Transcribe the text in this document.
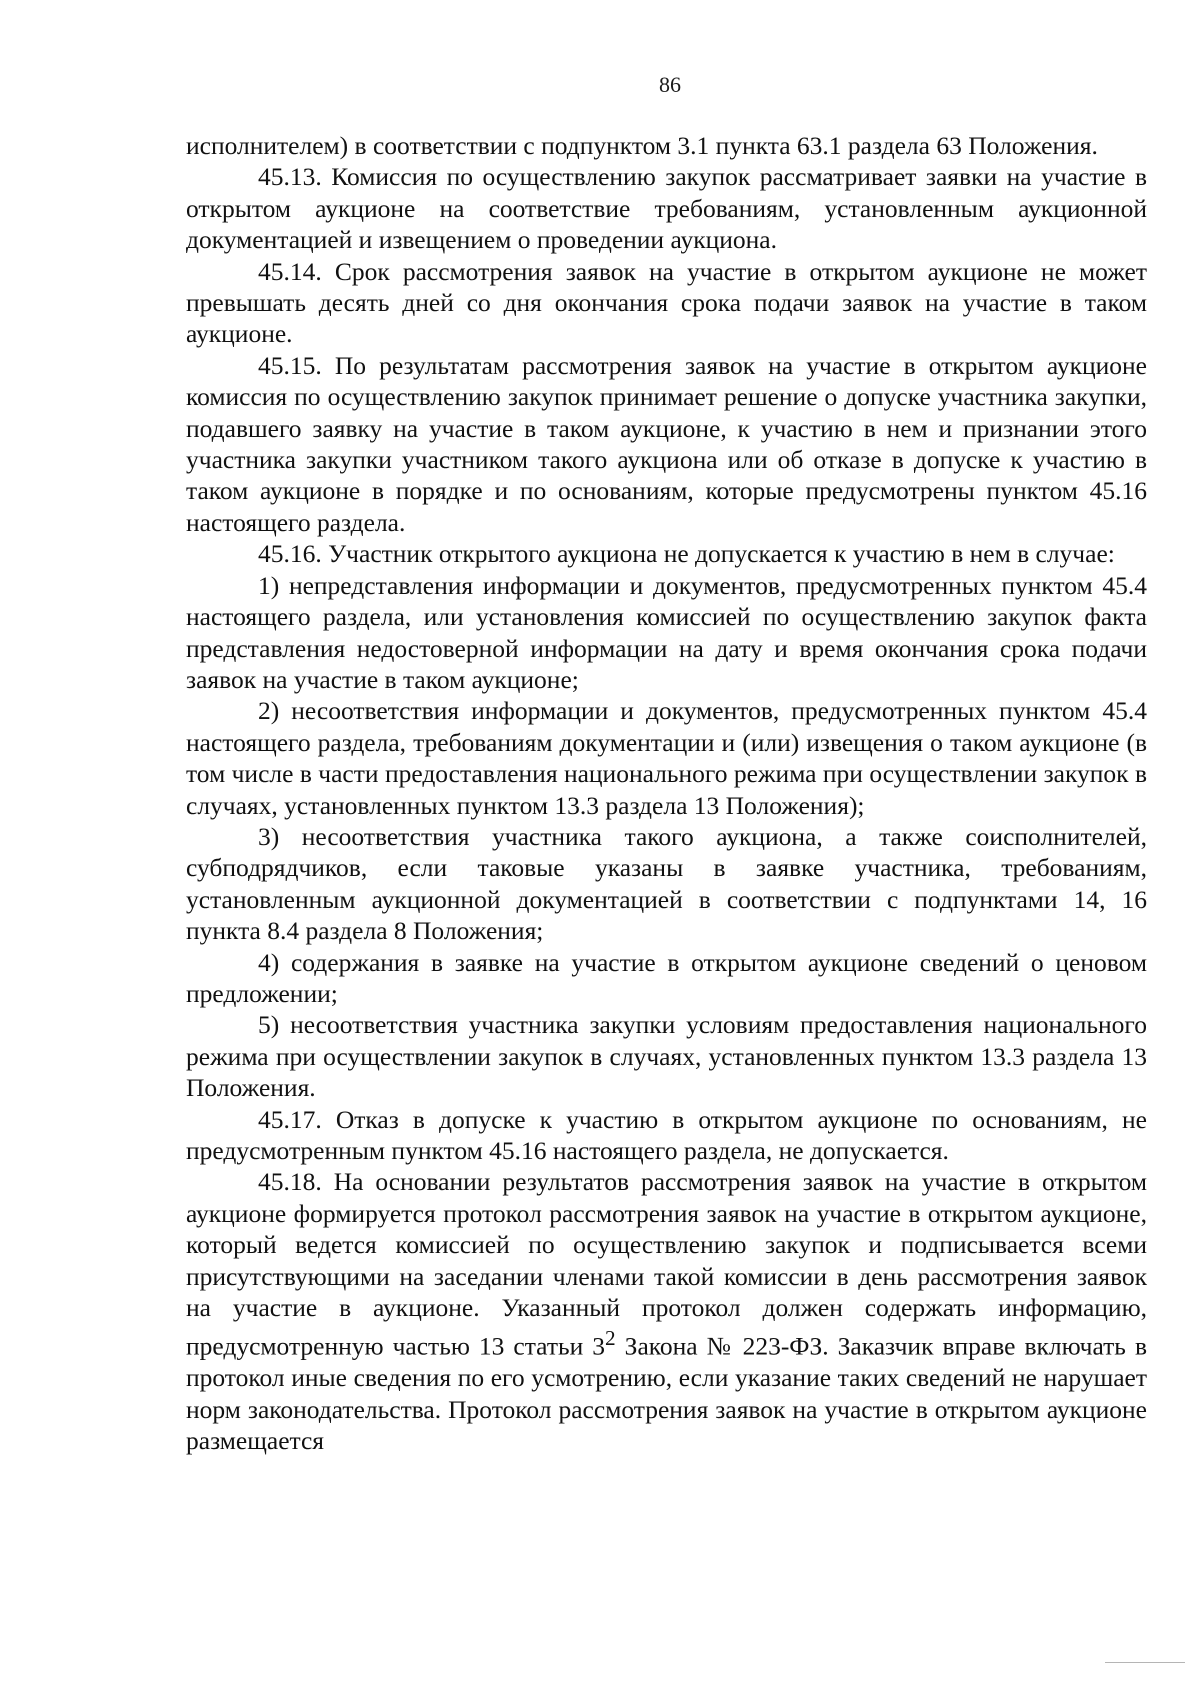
86

исполнителем) в соответствии с подпунктом 3.1 пункта 63.1 раздела 63 Положения.

45.13. Комиссия по осуществлению закупок рассматривает заявки на участие в открытом аукционе на соответствие требованиям, установленным аукционной документацией и извещением о проведении аукциона.

45.14. Срок рассмотрения заявок на участие в открытом аукционе не может превышать десять дней со дня окончания срока подачи заявок на участие в таком аукционе.

45.15. По результатам рассмотрения заявок на участие в открытом аукционе комиссия по осуществлению закупок принимает решение о допуске участника закупки, подавшего заявку на участие в таком аукционе, к участию в нем и признании этого участника закупки участником такого аукциона или об отказе в допуске к участию в таком аукционе в порядке и по основаниям, которые предусмотрены пунктом 45.16 настоящего раздела.

45.16. Участник открытого аукциона не допускается к участию в нем в случае:

1) непредставления информации и документов, предусмотренных пунктом 45.4 настоящего раздела, или установления комиссией по осуществлению закупок факта представления недостоверной информации на дату и время окончания срока подачи заявок на участие в таком аукционе;

2) несоответствия информации и документов, предусмотренных пунктом 45.4 настоящего раздела, требованиям документации и (или) извещения о таком аукционе (в том числе в части предоставления национального режима при осуществлении закупок в случаях, установленных пунктом 13.3 раздела 13 Положения);

3) несоответствия участника такого аукциона, а также соисполнителей, субподрядчиков, если таковые указаны в заявке участника, требованиям, установленным аукционной документацией в соответствии с подпунктами 14, 16 пункта 8.4 раздела 8 Положения;

4) содержания в заявке на участие в открытом аукционе сведений о ценовом предложении;

5) несоответствия участника закупки условиям предоставления национального режима при осуществлении закупок в случаях, установленных пунктом 13.3 раздела 13 Положения.

45.17. Отказ в допуске к участию в открытом аукционе по основаниям, не предусмотренным пунктом 45.16 настоящего раздела, не допускается.

45.18. На основании результатов рассмотрения заявок на участие в открытом аукционе формируется протокол рассмотрения заявок на участие в открытом аукционе, который ведется комиссией по осуществлению закупок и подписывается всеми присутствующими на заседании членами такой комиссии в день рассмотрения заявок на участие в аукционе. Указанный протокол должен содержать информацию, предусмотренную частью 13 статьи $3^2$ Закона № 223-ФЗ. Заказчик вправе включать в протокол иные сведения по его усмотрению, если указание таких сведений не нарушает норм законодательства. Протокол рассмотрения заявок на участие в открытом аукционе размещается
